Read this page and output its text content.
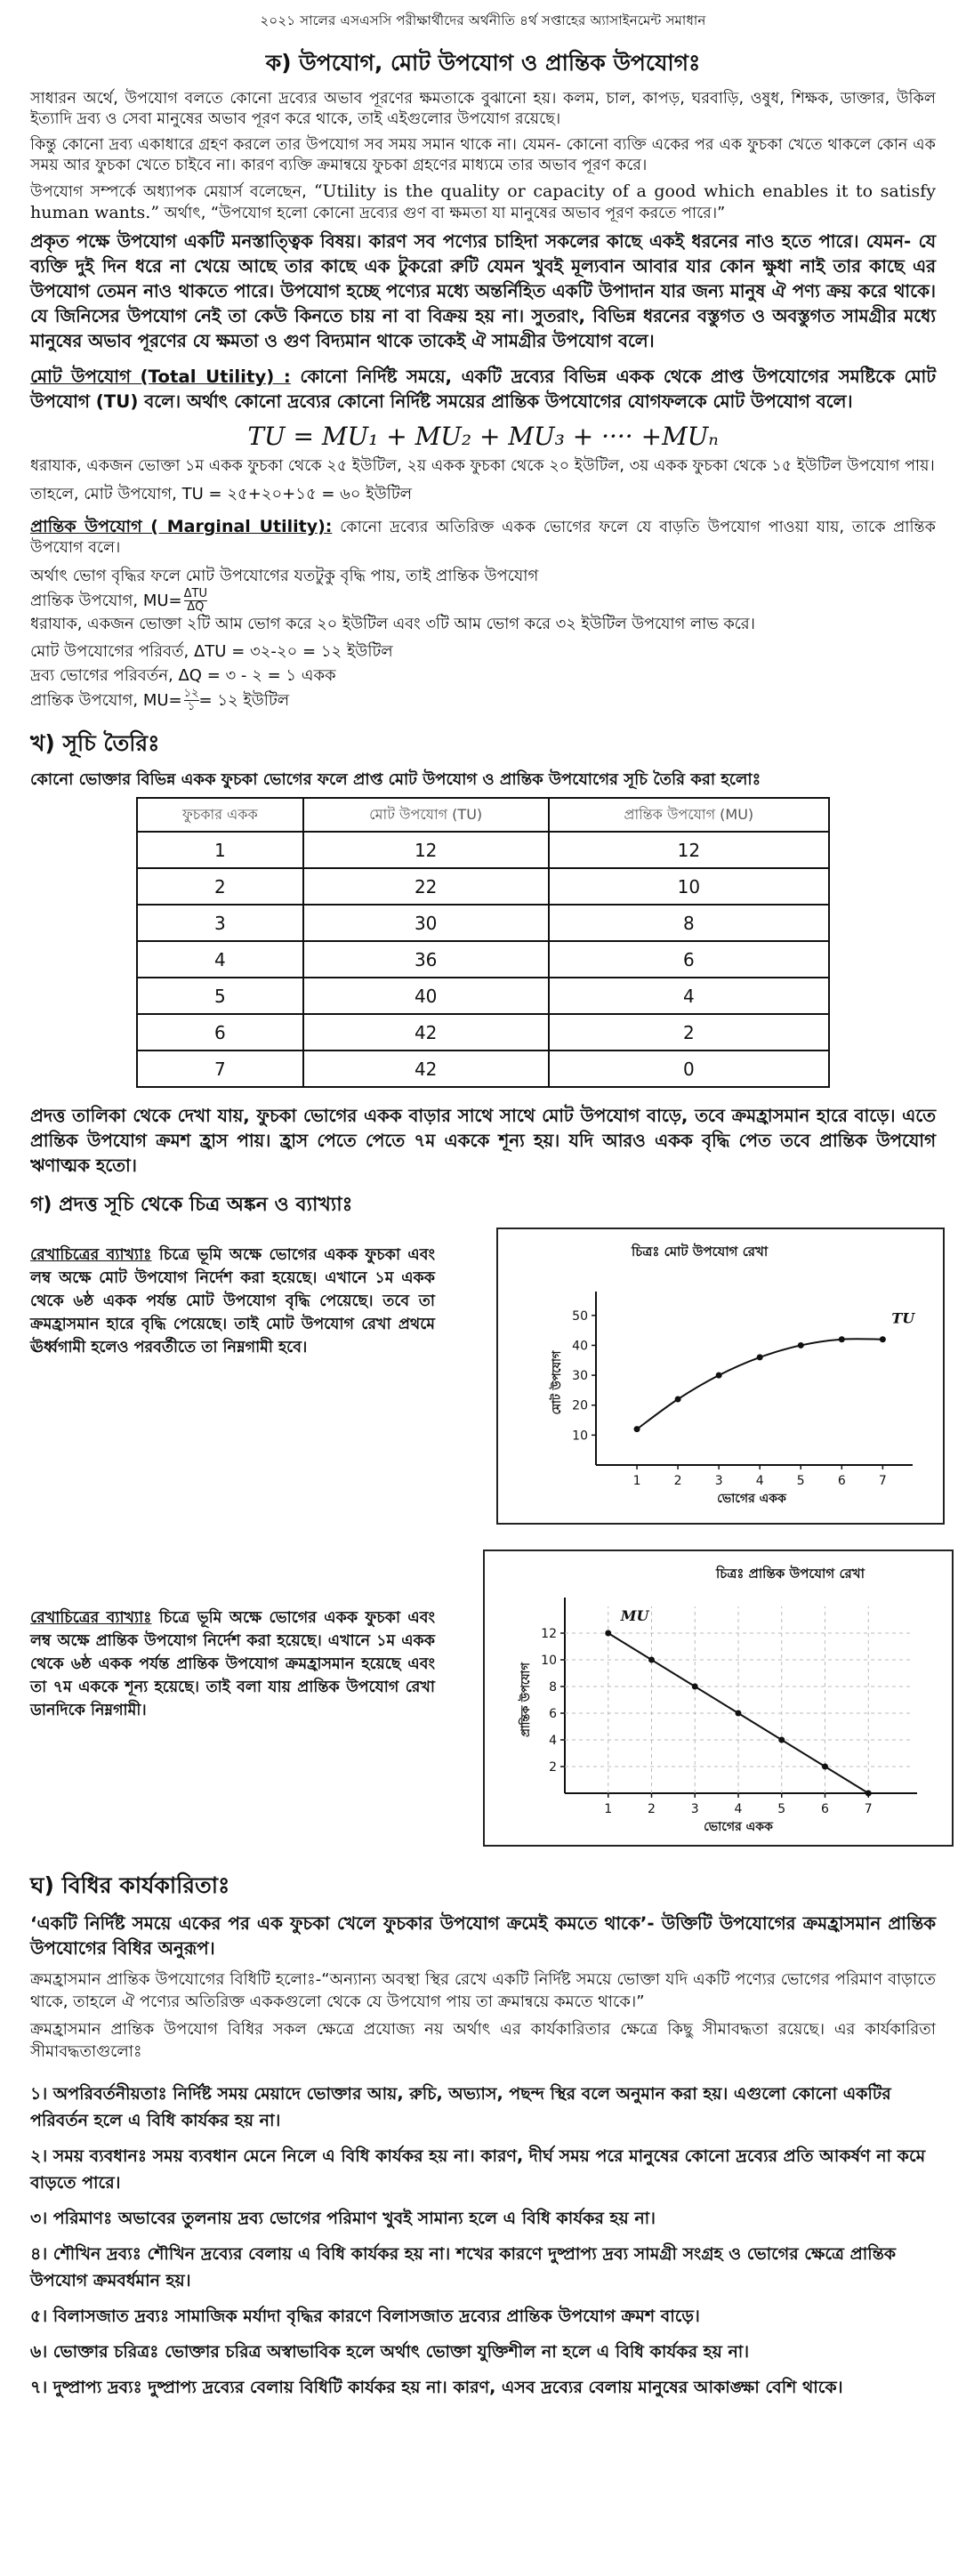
২০২১ সালের এসএসসি পরীক্ষার্থীদের অর্থনীতি ৪র্থ সপ্তাহের অ্যাসাইনমেন্ট সমাধান
ক) উপযোগ, মোট উপযোগ ও প্রান্তিক উপযোগঃ

সাধারন অর্থে, উপযোগ বলতে কোনো দ্রব্যের অভাব পূরণের ক্ষমতাকে বুঝানো হয়। কলম, চাল, কাপড়, ঘরবাড়ি, ওষুধ, শিক্ষক, ডাক্তার, উকিল ইত্যাদি দ্রব্য ও সেবা মানুষের অভাব পূরণ করে থাকে, তাই এইগুলোর উপযোগ রয়েছে।

কিন্তু কোনো দ্রব্য একাধারে গ্রহণ করলে তার উপযোগ সব সময় সমান থাকে না। যেমন- কোনো ব্যক্তি একের পর এক ফুচকা খেতে থাকলে কোন এক সময় আর ফুচকা খেতে চাইবে না। কারণ ব্যক্তি ক্রমান্বয়ে ফুচকা গ্রহণের মাধ্যমে তার অভাব পূরণ করে।

উপযোগ সম্পর্কে অধ্যাপক মেয়ার্স বলেছেন, “Utility is the quality or capacity of a good which enables it to satisfy human wants.” অর্থাৎ, “উপযোগ হলো কোনো দ্রব্যের গুণ বা ক্ষমতা যা মানুষের অভাব পূরণ করতে পারে।”

প্রকৃত পক্ষে উপযোগ একটি মনস্তাত্ত্বিক বিষয়। কারণ সব পণ্যের চাহিদা সকলের কাছে একই ধরনের নাও হতে পারে। যেমন- যে ব্যক্তি দুই দিন ধরে না খেয়ে আছে তার কাছে এক টুকরো রুটি যেমন খুবই মূল্যবান আবার যার কোন ক্ষুধা নাই তার কাছে এর উপযোগ তেমন নাও থাকতে পারে। উপযোগ হচ্ছে পণ্যের মধ্যে অন্তর্নিহিত একটি উপাদান যার জন্য মানুষ ঐ পণ্য ক্রয় করে থাকে। যে জিনিসের উপযোগ নেই তা কেউ কিনতে চায় না বা বিক্রয় হয় না। সুতরাং, বিভিন্ন ধরনের বস্তুগত ও অবস্তুগত সামগ্রীর মধ্যে মানুষের অভাব পূরণের যে ক্ষমতা ও গুণ বিদ্যমান থাকে তাকেই ঐ সামগ্রীর উপযোগ বলে।

মোট উপযোগ (Total Utility) : কোনো নির্দিষ্ট সময়ে, একটি দ্রব্যের বিভিন্ন একক থেকে প্রাপ্ত উপযোগের সমষ্টিকে মোট উপযোগ (TU) বলে। অর্থাৎ কোনো দ্রব্যের কোনো নির্দিষ্ট সময়ের প্রান্তিক উপযোগের যোগফলকে মোট উপযোগ বলে।

TU = MU₁ + MU₂ + MU₃ + ···· +MUₙ

ধরাযাক, একজন ভোক্তা ১ম একক ফুচকা থেকে ২৫ ইউটিল, ২য় একক ফুচকা থেকে ২০ ইউটিল, ৩য় একক ফুচকা থেকে ১৫ ইউটিল উপযোগ পায়।

তাহলে, মোট উপযোগ, TU = ২৫+২০+১৫ = ৬০ ইউটিল

প্রান্তিক উপযোগ ( Marginal Utility): কোনো দ্রব্যের অতিরিক্ত একক ভোগের ফলে যে বাড়তি উপযোগ পাওয়া যায়, তাকে প্রান্তিক উপযোগ বলে।

অর্থাৎ ভোগ বৃদ্ধির ফলে মোট উপযোগের যতটুকু বৃদ্ধি পায়, তাই প্রান্তিক উপযোগ
প্রান্তিক উপযোগ, MU= ΔTU
ΔQ

ধরাযাক, একজন ভোক্তা ২টি আম ভোগ করে ২০ ইউটিল এবং ৩টি আম ভোগ করে ৩২ ইউটিল উপযোগ লাভ করে।

মোট উপযোগের পরিবর্ত, ΔTU = ৩২-২০ = ১২ ইউটিল
দ্রব্য ভোগের পরিবর্তন, ΔQ = ৩ - ২ = ১ একক
প্রান্তিক উপযোগ, MU= ১২
১ = ১২ ইউটিল
খ) সূচি তৈরিঃ

কোনো ভোক্তার বিভিন্ন একক ফুচকা ভোগের ফলে প্রাপ্ত মোট উপযোগ ও প্রান্তিক উপযোগের সূচি তৈরি করা হলোঃ

ফুচকার একক	মোট উপযোগ (TU)	প্রান্তিক উপযোগ (MU)
1	12	12
2	22	10
3	30	8
4	36	6
5	40	4
6	42	2
7	42	0

প্রদত্ত তালিকা থেকে দেখা যায়, ফুচকা ভোগের একক বাড়ার সাথে সাথে মোট উপযোগ বাড়ে, তবে ক্রমহ্রাসমান হারে বাড়ে। এতে প্রান্তিক উপযোগ ক্রমশ হ্রাস পায়। হ্রাস পেতে পেতে ৭ম এককে শূন্য হয়। যদি আরও একক বৃদ্ধি পেত তবে প্রান্তিক উপযোগ ঋণাত্মক হতো।

গ) প্রদত্ত সূচি থেকে চিত্র অঙ্কন ও ব্যাখ্যাঃ
রেখাচিত্রের ব্যাখ্যাঃ চিত্রে ভূমি অক্ষে ভোগের একক ফুচকা এবং লম্ব অক্ষে মোট উপযোগ নির্দেশ করা হয়েছে। এখানে ১ম একক থেকে ৬ষ্ঠ একক পর্যন্ত মোট উপযোগ বৃদ্ধি পেয়েছে। তবে তা ক্রমহ্রাসমান হারে বৃদ্ধি পেয়েছে। তাই মোট উপযোগ রেখা প্রথমে ঊর্ধ্বগামী হলেও পরবর্তীতে তা নিম্নগামী হবে।
চিত্রঃ মোট উপযোগ রেখা
10
20
30
40
50
1	2	3	4	5	6	7
ভোগের একক
মোট উপযোগ
TU
রেখাচিত্রের ব্যাখ্যাঃ চিত্রে ভূমি অক্ষে ভোগের একক ফুচকা এবং লম্ব অক্ষে প্রান্তিক উপযোগ নির্দেশ করা হয়েছে। এখানে ১ম একক থেকে ৬ষ্ঠ একক পর্যন্ত প্রান্তিক উপযোগ ক্রমহ্রাসমান হয়েছে এবং তা ৭ম এককে শূন্য হয়েছে। তাই বলা যায় প্রান্তিক উপযোগ রেখা ডানদিকে নিম্নগামী।
চিত্রঃ প্রান্তিক উপযোগ রেখা
2
4
6
8
10
12
1	2	3	4	5	6	7
ভোগের একক
প্রান্তিক উপযোগ
MU
ঘ) বিধির কার্যকারিতাঃ

‘একটি নির্দিষ্ট সময়ে একের পর এক ফুচকা খেলে ফুচকার উপযোগ ক্রমেই কমতে থাকে’- উক্তিটি উপযোগের ক্রমহ্রাসমান প্রান্তিক উপযোগের বিধির অনুরূপ।

ক্রমহ্রাসমান প্রান্তিক উপযোগের বিধিটি হলোঃ-“অন্যান্য অবস্থা স্থির রেখে একটি নির্দিষ্ট সময়ে ভোক্তা যদি একটি পণ্যের ভোগের পরিমাণ বাড়াতে থাকে, তাহলে ঐ পণ্যের অতিরিক্ত এককগুলো থেকে যে উপযোগ পায় তা ক্রমান্বয়ে কমতে থাকে।”

ক্রমহ্রাসমান প্রান্তিক উপযোগ বিধির সকল ক্ষেত্রে প্রযোজ্য নয় অর্থাৎ এর কার্যকারিতার ক্ষেত্রে কিছু সীমাবদ্ধতা রয়েছে। এর কার্যকারিতা সীমাবদ্ধতাগুলোঃ

১। অপরিবর্তনীয়তাঃ নির্দিষ্ট সময় মেয়াদে ভোক্তার আয়, রুচি, অভ্যাস, পছন্দ স্থির বলে অনুমান করা হয়। এগুলো কোনো একটির পরিবর্তন হলে এ বিধি কার্যকর হয় না।
২। সময় ব্যবধানঃ সময় ব্যবধান মেনে নিলে এ বিধি কার্যকর হয় না। কারণ, দীর্ঘ সময় পরে মানুষের কোনো দ্রব্যের প্রতি আকর্ষণ না কমে বাড়তে পারে।
৩। পরিমাণঃ অভাবের তুলনায় দ্রব্য ভোগের পরিমাণ খুবই সামান্য হলে এ বিধি কার্যকর হয় না।
৪। শৌখিন দ্রব্যঃ শৌখিন দ্রব্যের বেলায় এ বিধি কার্যকর হয় না। শখের কারণে দুষ্প্রাপ্য দ্রব্য সামগ্রী সংগ্রহ ও ভোগের ক্ষেত্রে প্রান্তিক উপযোগ ক্রমবর্ধমান হয়।
৫। বিলাসজাত দ্রব্যঃ সামাজিক মর্যাদা বৃদ্ধির কারণে বিলাসজাত দ্রব্যের প্রান্তিক উপযোগ ক্রমশ বাড়ে।
৬। ভোক্তার চরিত্রঃ ভোক্তার চরিত্র অস্বাভাবিক হলে অর্থাৎ ভোক্তা যুক্তিশীল না হলে এ বিধি কার্যকর হয় না।
৭। দুষ্প্রাপ্য দ্রব্যঃ দুষ্প্রাপ্য দ্রব্যের বেলায় বিধিটি কার্যকর হয় না। কারণ, এসব দ্রব্যের বেলায় মানুষের আকাঙ্ক্ষা বেশি থাকে।
